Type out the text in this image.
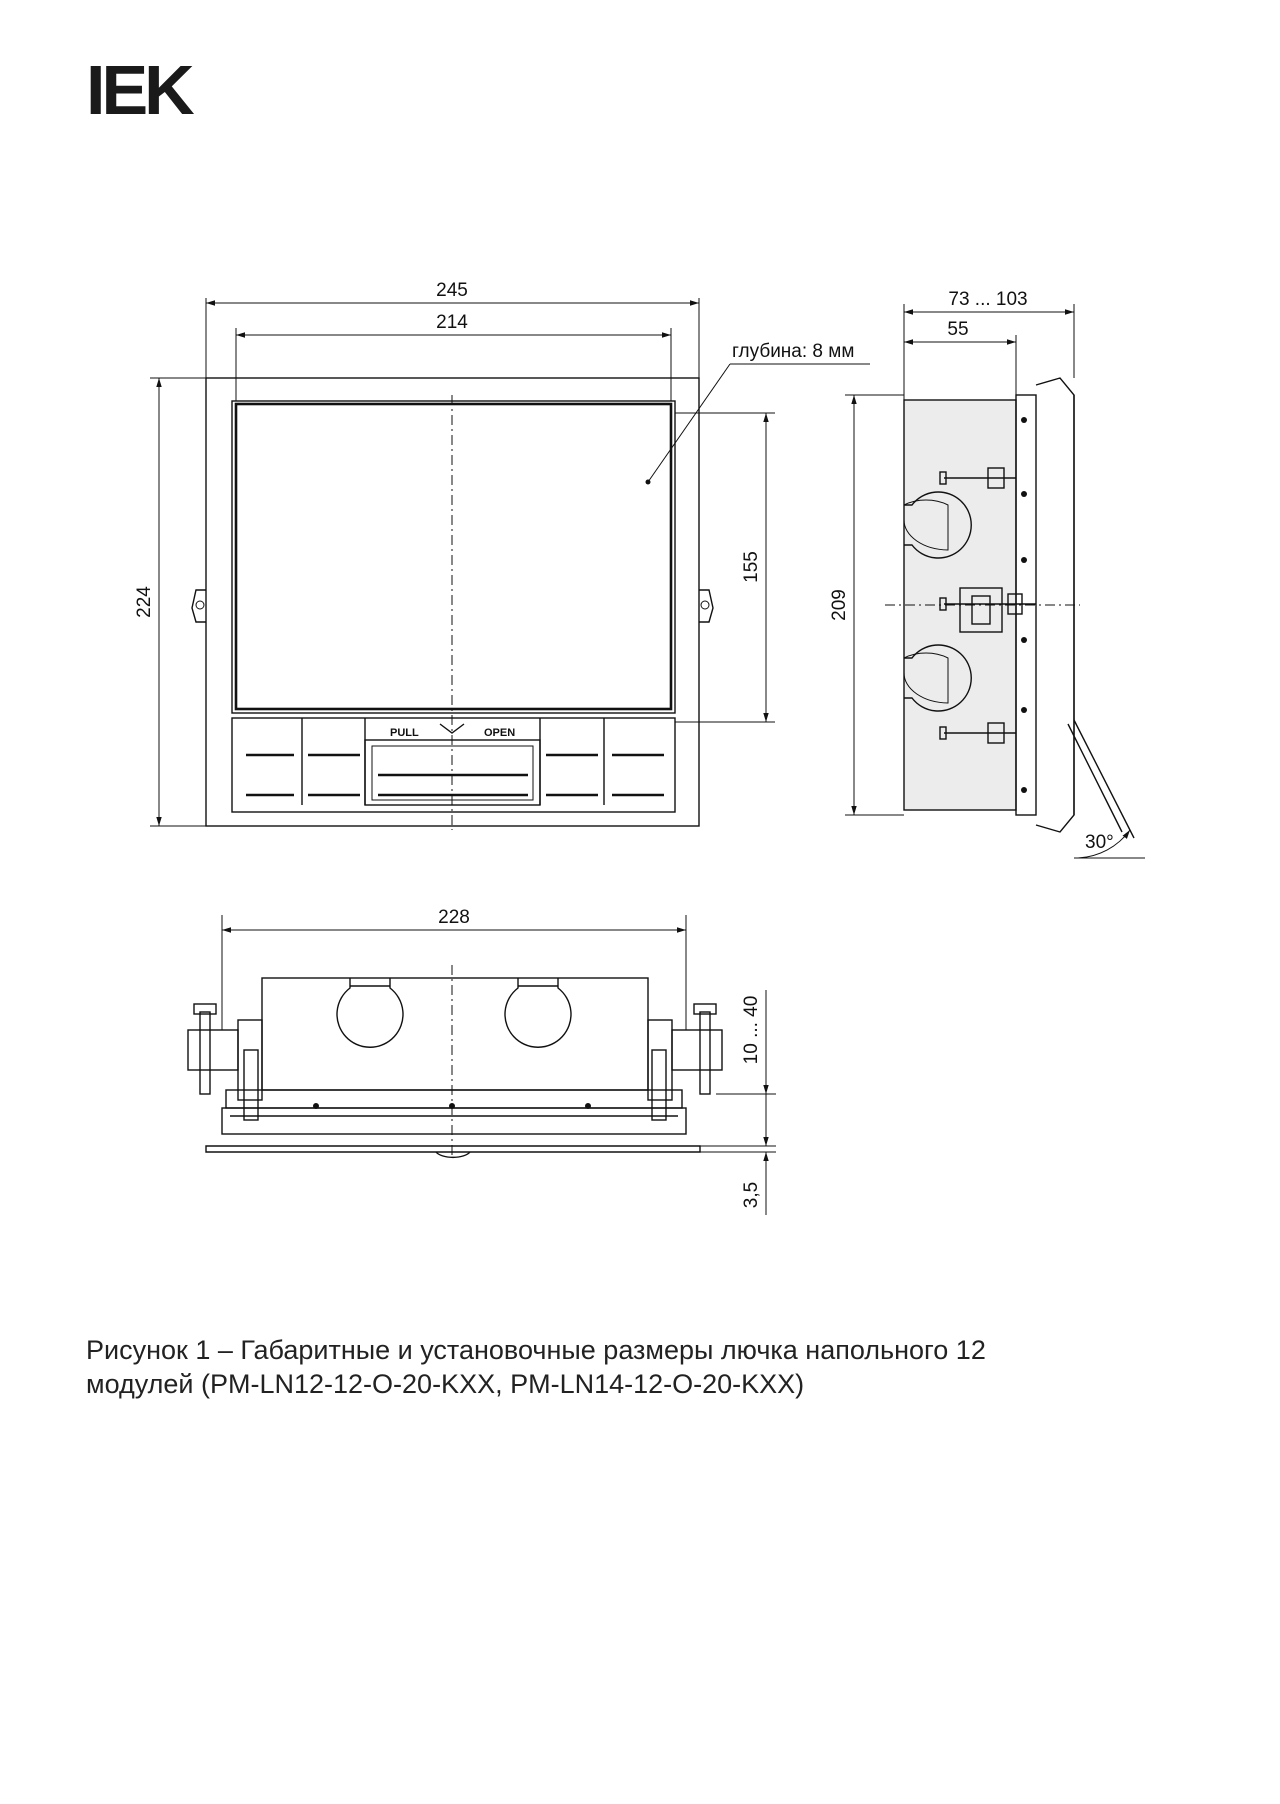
IEK
PULL	OPEN
245
214
224
155
глубина: 8 мм
30°
73 ... 103
55
209
228
10 ... 40
3,5
Рисунок 1 – Габаритные и установочные размеры лючка напольного 12
модулей (PM-LN12-12-O-20-KXX, PM-LN14-12-O-20-KXX)
